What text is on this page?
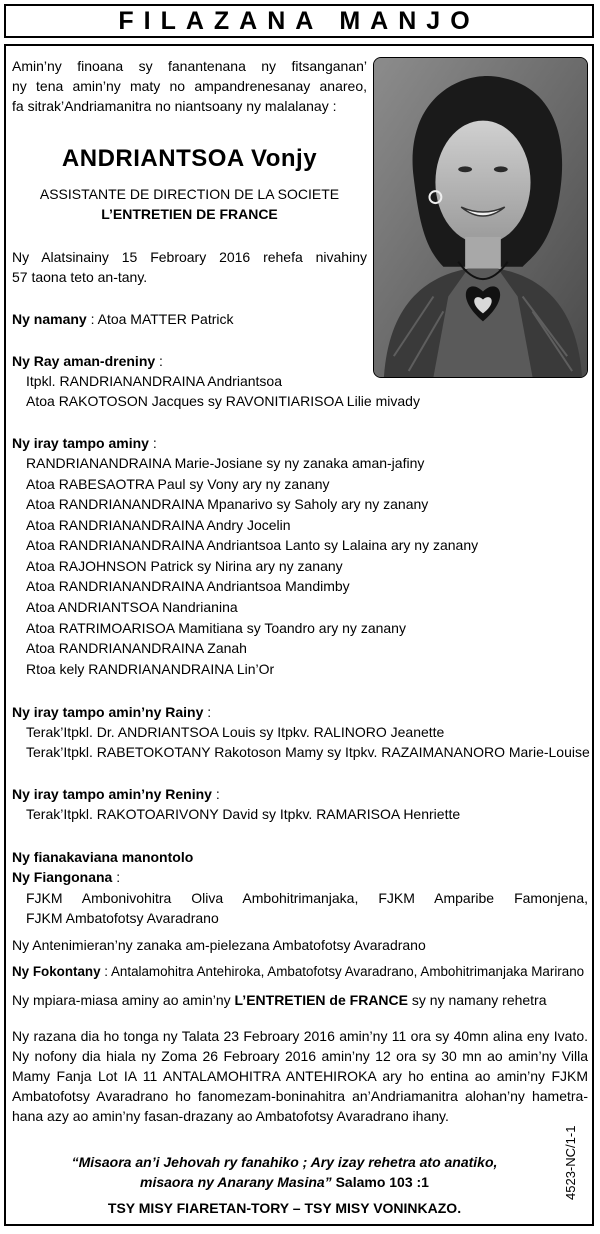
FILAZANA MANJO
Amin’ny finoana sy fanantenana ny fitsanganan’
ny tena amin’ny maty no ampandrenesanay anareo,
fa sitrak’Andriamanitra no niantsoany ny malalanay :
ANDRIANTSOA Vonjy
ASSISTANTE DE DIRECTION DE LA SOCIETE
L’ENTRETIEN DE FRANCE
Ny Alatsinainy 15 Febroary 2016 rehefa nivahiny
57 taona teto an-tany.
Ny namany : Atoa MATTER Patrick
Ny Ray aman-dreniny :
Itpkl. RANDRIANANDRAINA Andriantsoa
Atoa RAKOTOSON Jacques sy RAVONITIARISOA Lilie mivady
Ny iray tampo aminy :
RANDRIANANDRAINA Marie-Josiane sy ny zanaka aman-jafiny
Atoa RABESAOTRA Paul sy Vony ary ny zanany
Atoa RANDRIANANDRAINA Mpanarivo sy Saholy ary ny zanany
Atoa RANDRIANANDRAINA Andry Jocelin
Atoa RANDRIANANDRAINA Andriantsoa Lanto sy Lalaina ary ny zanany
Atoa RAJOHNSON Patrick sy Nirina ary ny zanany
Atoa RANDRIANANDRAINA Andriantsoa Mandimby
Atoa ANDRIANTSOA Nandrianina
Atoa RATRIMOARISOA Mamitiana sy Toandro ary ny zanany
Atoa RANDRIANANDRAINA Zanah
Rtoa kely RANDRIANANDRAINA Lin’Or
Ny iray tampo amin’ny Rainy :
Terak’Itpkl. Dr. ANDRIANTSOA Louis sy Itpkv. RALINORO Jeanette
Terak’Itpkl. RABETOKOTANY Rakotoson Mamy sy Itpkv. RAZAIMANANORO Marie-Louise
Ny iray tampo amin’ny Reniny :
Terak’Itpkl. RAKOTOARIVONY David sy Itpkv. RAMARISOA Henriette
Ny fianakaviana manontolo
Ny Fiangonana :
FJKM Ambonivohitra Oliva Ambohitrimanjaka, FJKM Amparibe Famonjena,
FJKM Ambatofotsy Avaradrano
Ny Antenimieran’ny zanaka am-pielezana Ambatofotsy Avaradrano
Ny Fokontany : Antalamohitra Antehiroka, Ambatofotsy Avaradrano, Ambohitrimanjaka Marirano
Ny mpiara-miasa aminy ao amin’ny L’ENTRETIEN de FRANCE sy ny namany rehetra
Ny razana dia ho tonga ny Talata 23 Febroary 2016 amin’ny 11 ora sy 40mn alina eny Ivato.
Ny nofony dia hiala ny Zoma 26 Febroary 2016 amin’ny 12 ora sy 30 mn ao amin’ny Villa
Mamy Fanja Lot IA 11 ANTALAMOHITRA ANTEHIROKA ary ho entina ao amin’ny FJKM
Ambatofotsy Avaradrano ho fanomezam-boninahitra an’Andriamanitra alohan’ny hametra-
hana azy ao amin’ny fasan-drazany ao Ambatofotsy Avaradrano ihany.
“Misaora an’i Jehovah ry fanahiko ; Ary izay rehetra ato anatiko,
misaora ny Anarany Masina” Salamo 103 :1
TSY MISY FIARETAN-TORY – TSY MISY VONINKAZO.
4523-NC/1-1
